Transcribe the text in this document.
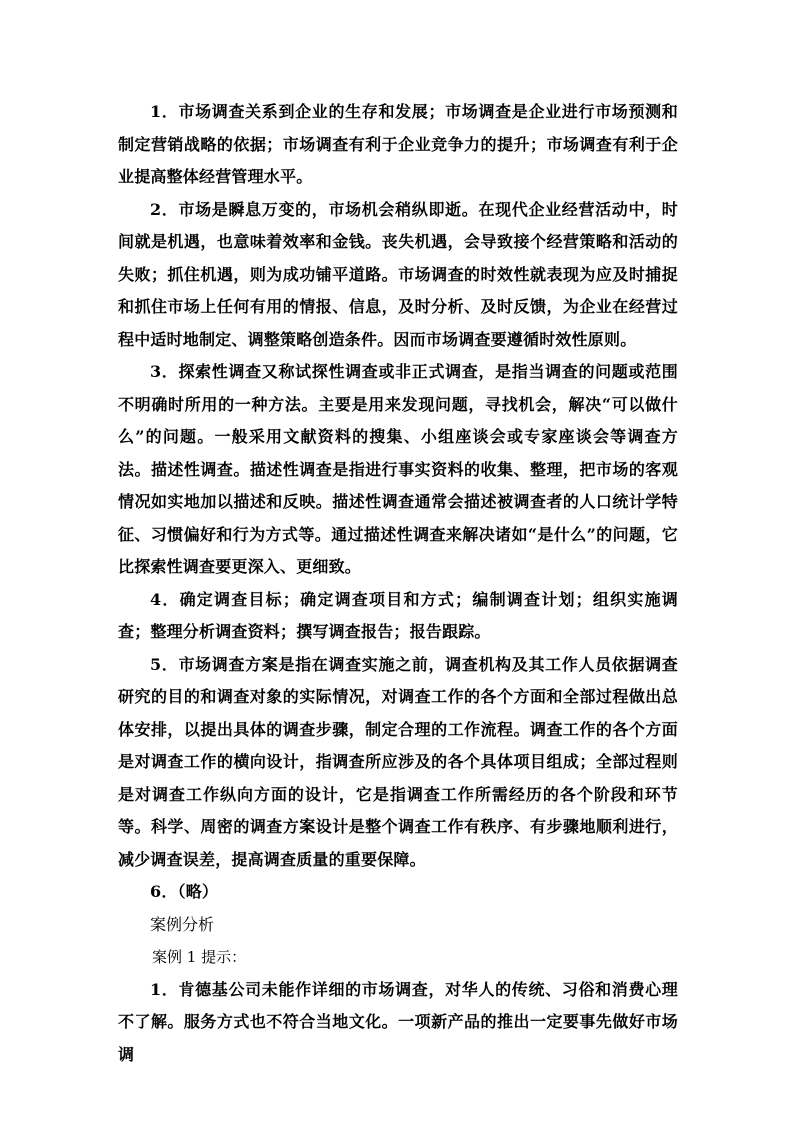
1．市场调查关系到企业的生存和发展；市场调查是企业进行市场预测和制定营销战略的依据；市场调查有利于企业竞争力的提升；市场调查有利于企业提高整体经营管理水平。

2．市场是瞬息万变的，市场机会稍纵即逝。在现代企业经营活动中，时间就是机遇，也意味着效率和金钱。丧失机遇，会导致接个经营策略和活动的失败；抓住机遇，则为成功铺平道路。市场调查的时效性就表现为应及时捕捉和抓住市场上任何有用的情报、信息，及时分析、及时反馈，为企业在经营过程中适时地制定、调整策略创造条件。因而市场调查要遵循时效性原则。

3．探索性调查又称试探性调查或非正式调查，是指当调查的问题或范围不明确时所用的一种方法。主要是用来发现问题，寻找机会，解决“可以做什么”的问题。一般采用文献资料的搜集、小组座谈会或专家座谈会等调查方法。描述性调查。描述性调查是指进行事实资料的收集、整理，把市场的客观情况如实地加以描述和反映。描述性调查通常会描述被调查者的人口统计学特征、习惯偏好和行为方式等。通过描述性调查来解决诸如“是什么”的问题，它比探索性调查要更深入、更细致。

4．确定调查目标；确定调查项目和方式；编制调查计划；组织实施调查；整理分析调查资料；撰写调查报告；报告跟踪。

5．市场调查方案是指在调查实施之前，调查机构及其工作人员依据调查研究的目的和调查对象的实际情况，对调查工作的各个方面和全部过程做出总体安排，以提出具体的调查步骤，制定合理的工作流程。调查工作的各个方面是对调查工作的横向设计，指调查所应涉及的各个具体项目组成；全部过程则是对调查工作纵向方面的设计，它是指调查工作所需经历的各个阶段和环节等。科学、周密的调查方案设计是整个调查工作有秩序、有步骤地顺利进行，减少调查误差，提高调查质量的重要保障。

6．（略）

案例分析

案例 1 提示：

1．肯德基公司未能作详细的市场调查，对华人的传统、习俗和消费心理不了解。服务方式也不符合当地文化。一项新产品的推出一定要事先做好市场调
